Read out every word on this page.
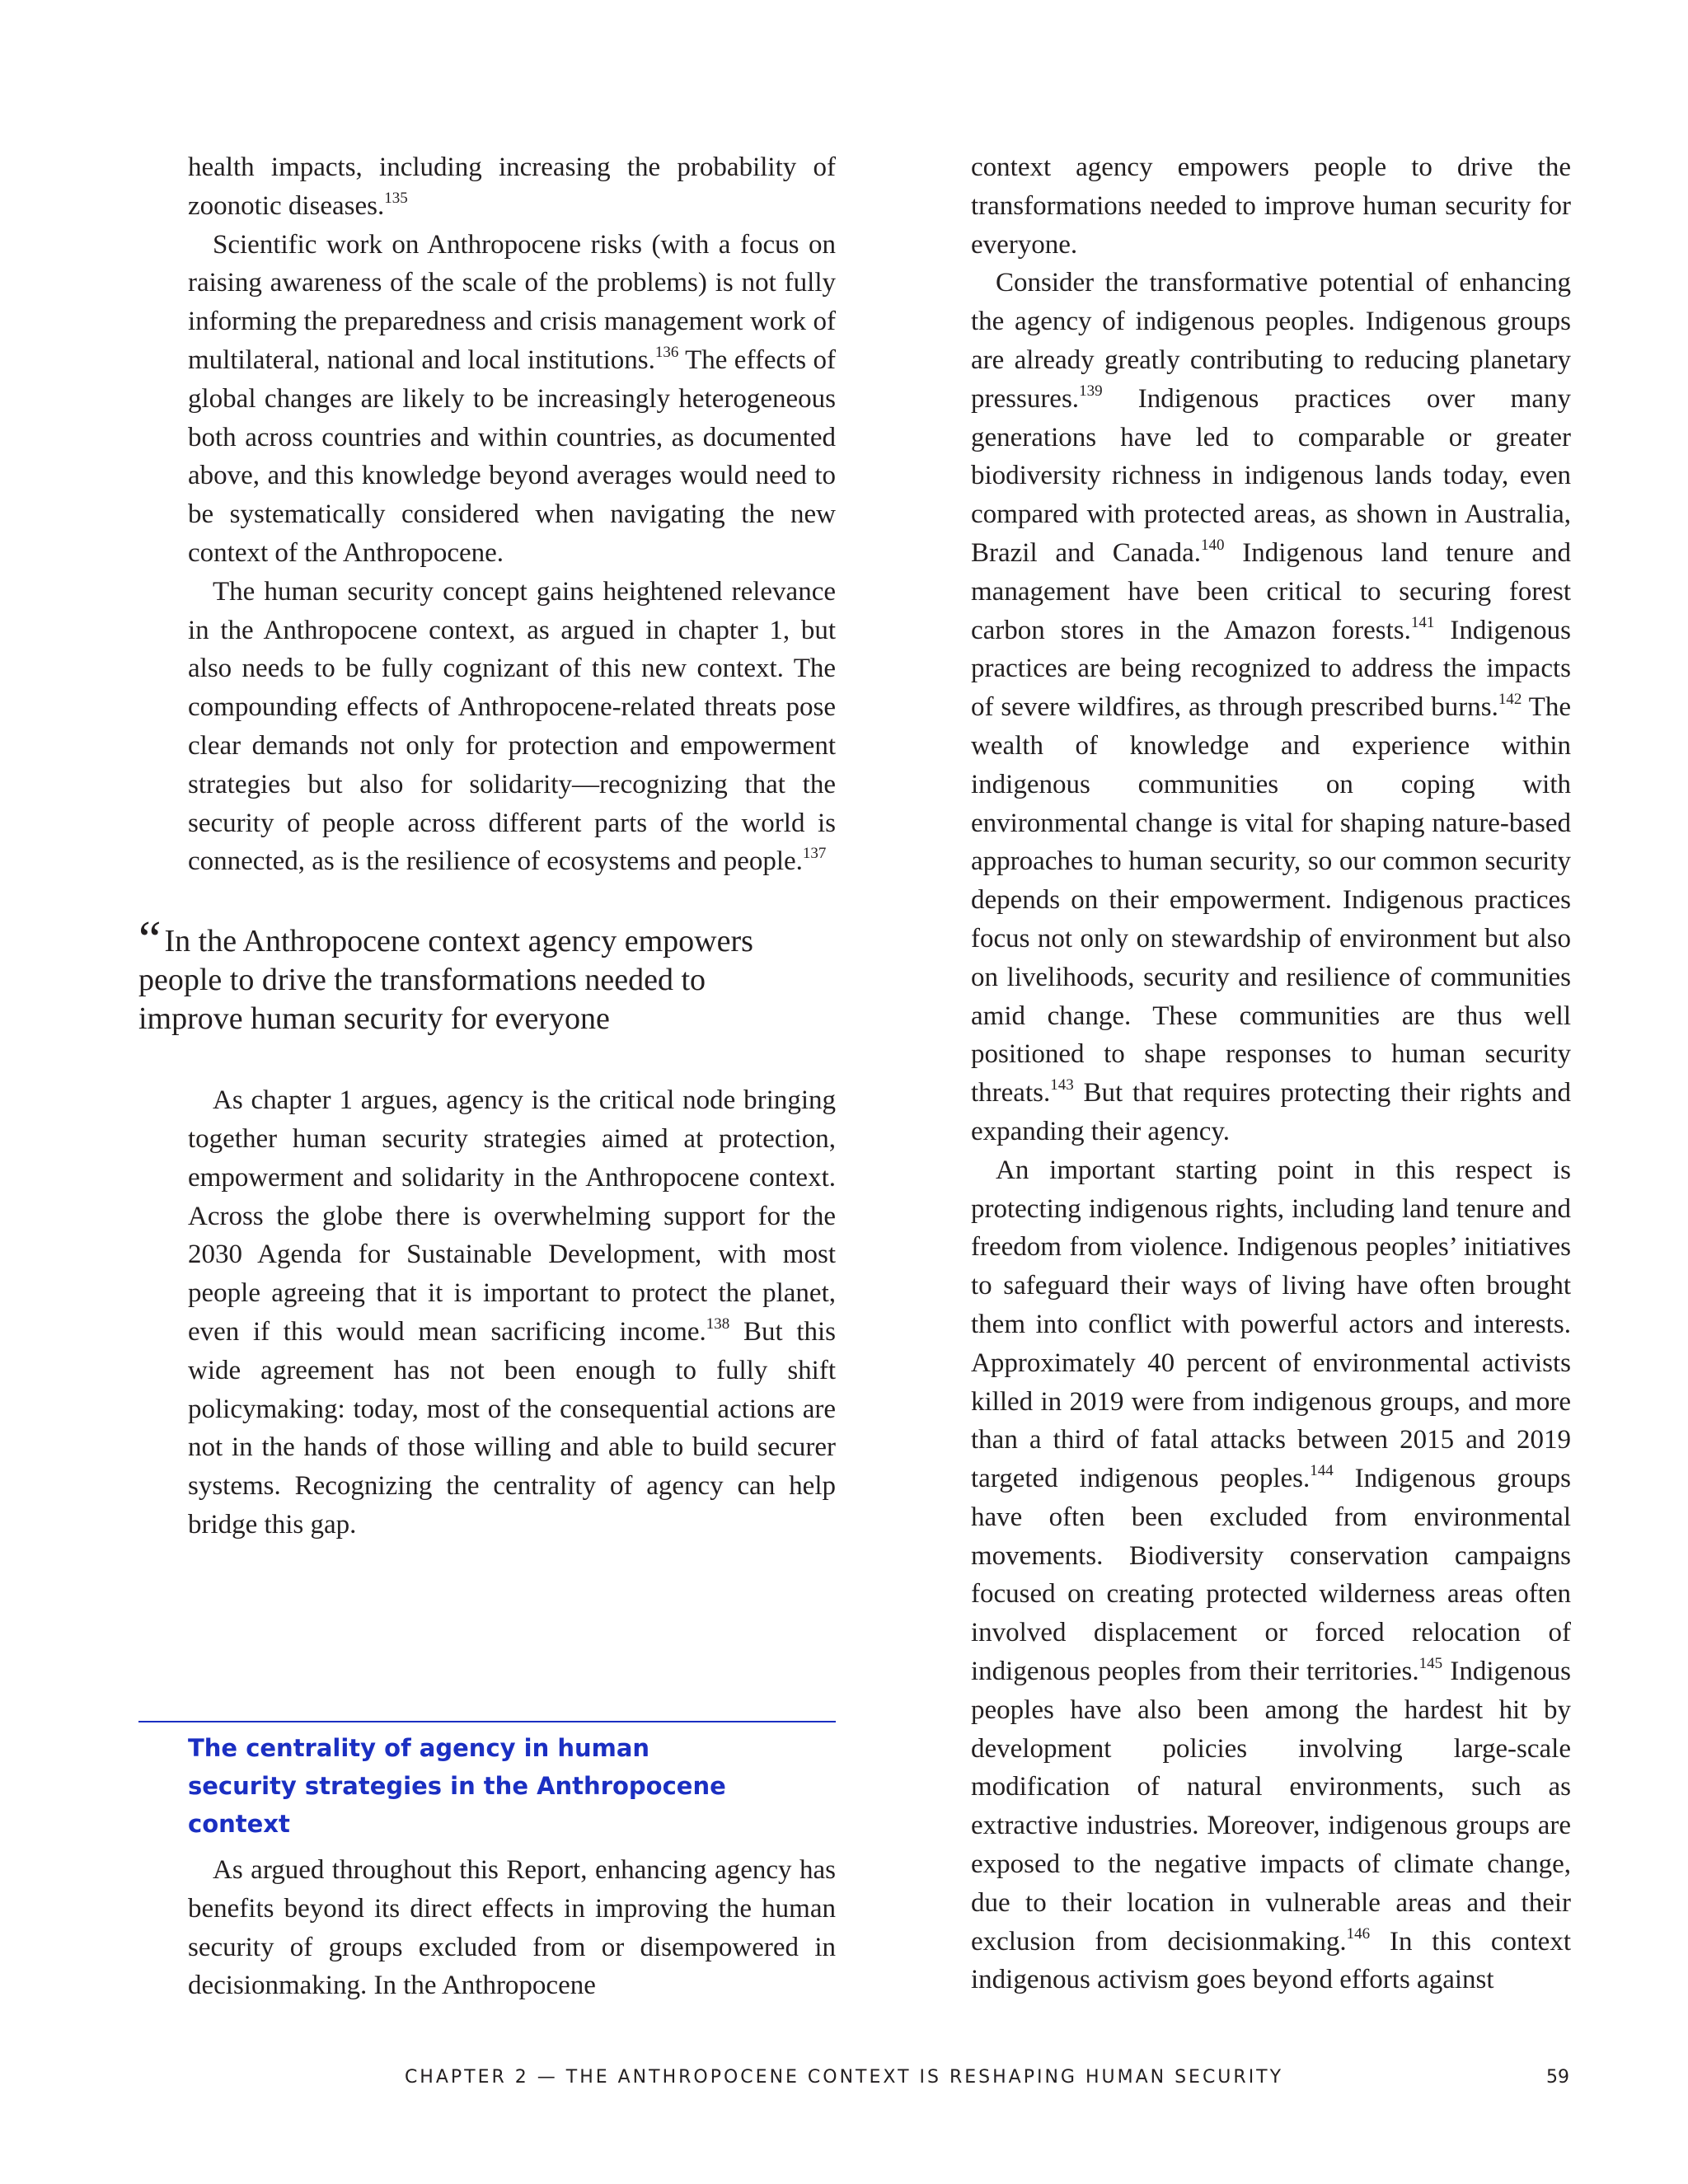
health impacts, including increasing the probability of zoonotic diseases.$^{135}$

Scientific work on Anthropocene risks (with a focus on raising awareness of the scale of the problems) is not fully informing the preparedness and crisis management work of multilateral, national and local institutions.$^{136}$ The effects of global changes are likely to be increasingly heterogeneous both across countries and within countries, as documented above, and this knowledge beyond averages would need to be systematically considered when navigating the new context of the Anthropocene.

The human security concept gains heightened relevance in the Anthropocene context, as argued in chapter 1, but also needs to be fully cognizant of this new context. The compounding effects of Anthropocene-related threats pose clear demands not only for protection and empowerment strategies but also for solidarity—recognizing that the security of people across different parts of the world is connected, as is the resilience of ecosystems and people.$^{137}$

“ In the Anthropocene context agency empowers people to drive the transformations needed to improve human security for everyone

As chapter 1 argues, agency is the critical node bringing together human security strategies aimed at protection, empowerment and solidarity in the Anthropocene context. Across the globe there is overwhelming support for the 2030 Agenda for Sustainable Development, with most people agreeing that it is important to protect the planet, even if this would mean sacrificing income.$^{138}$ But this wide agreement has not been enough to fully shift policymaking: today, most of the consequential actions are not in the hands of those willing and able to build securer systems. Recognizing the centrality of agency can help bridge this gap.

The centrality of agency in human security strategies in the Anthropocene context

As argued throughout this Report, enhancing agency has benefits beyond its direct effects in improving the human security of groups excluded from or disempowered in decisionmaking. In the Anthropocene

context agency empowers people to drive the transformations needed to improve human security for everyone.

Consider the transformative potential of enhancing the agency of indigenous peoples. Indigenous groups are already greatly contributing to reducing planetary pressures.$^{139}$ Indigenous practices over many generations have led to comparable or greater biodiversity richness in indigenous lands today, even compared with protected areas, as shown in Australia, Brazil and Canada.$^{140}$ Indigenous land tenure and management have been critical to securing forest carbon stores in the Amazon forests.$^{141}$ Indigenous practices are being recognized to address the impacts of severe wildfires, as through prescribed burns.$^{142}$ The wealth of knowledge and experience within indigenous communities on coping with environmental change is vital for shaping nature-based approaches to human security, so our common security depends on their empowerment. Indigenous practices focus not only on stewardship of environment but also on livelihoods, security and resilience of communities amid change. These communities are thus well positioned to shape responses to human security threats.$^{143}$ But that requires protecting their rights and expanding their agency.

An important starting point in this respect is protecting indigenous rights, including land tenure and freedom from violence. Indigenous peoples’ initiatives to safeguard their ways of living have often brought them into conflict with powerful actors and interests. Approximately 40 percent of environmental activists killed in 2019 were from indigenous groups, and more than a third of fatal attacks between 2015 and 2019 targeted indigenous peoples.$^{144}$ Indigenous groups have often been excluded from environmental movements. Biodiversity conservation campaigns focused on creating protected wilderness areas often involved displacement or forced relocation of indigenous peoples from their territories.$^{145}$ Indigenous peoples have also been among the hardest hit by development policies involving large-scale modification of natural environments, such as extractive industries. Moreover, indigenous groups are exposed to the negative impacts of climate change, due to their location in vulnerable areas and their exclusion from decisionmaking.$^{146}$ In this context indigenous activism goes beyond efforts against

CHAPTER 2 — THE ANTHROPOCENE CONTEXT IS RESHAPING HUMAN SECURITY	59
